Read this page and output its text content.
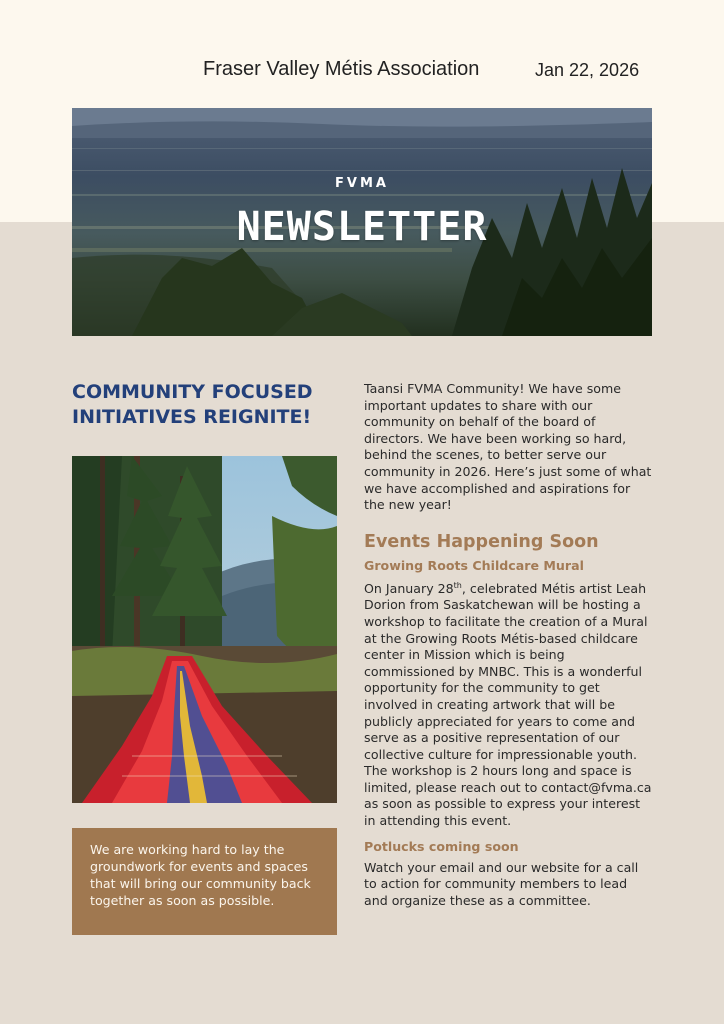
Fraser Valley Métis Association	Jan 22, 2026
FVMA
NEWSLETTER
COMMUNITY FOCUSED INITIATIVES REIGNITE!

We are working hard to lay the groundwork for events and spaces that will bring our community back together as soon as possible.

Taansi FVMA Community! We have some important updates to share with our community on behalf of the board of directors. We have been working so hard, behind the scenes, to better serve our community in 2026. Here’s just some of what we have accomplished and aspirations for the new year!

Events Happening Soon
Growing Roots Childcare Mural

On January 28th, celebrated Métis artist Leah Dorion from Saskatchewan will be hosting a workshop to facilitate the creation of a Mural at the Growing Roots Métis-based childcare center in Mission which is being commissioned by MNBC. This is a wonderful opportunity for the community to get involved in creating artwork that will be publicly appreciated for years to come and serve as a positive representation of our collective culture for impressionable youth. The workshop is 2 hours long and space is limited, please reach out to contact@fvma.ca as soon as possible to express your interest in attending this event.

Potlucks coming soon

Watch your email and our website for a call to action for community members to lead and organize these as a committee.
